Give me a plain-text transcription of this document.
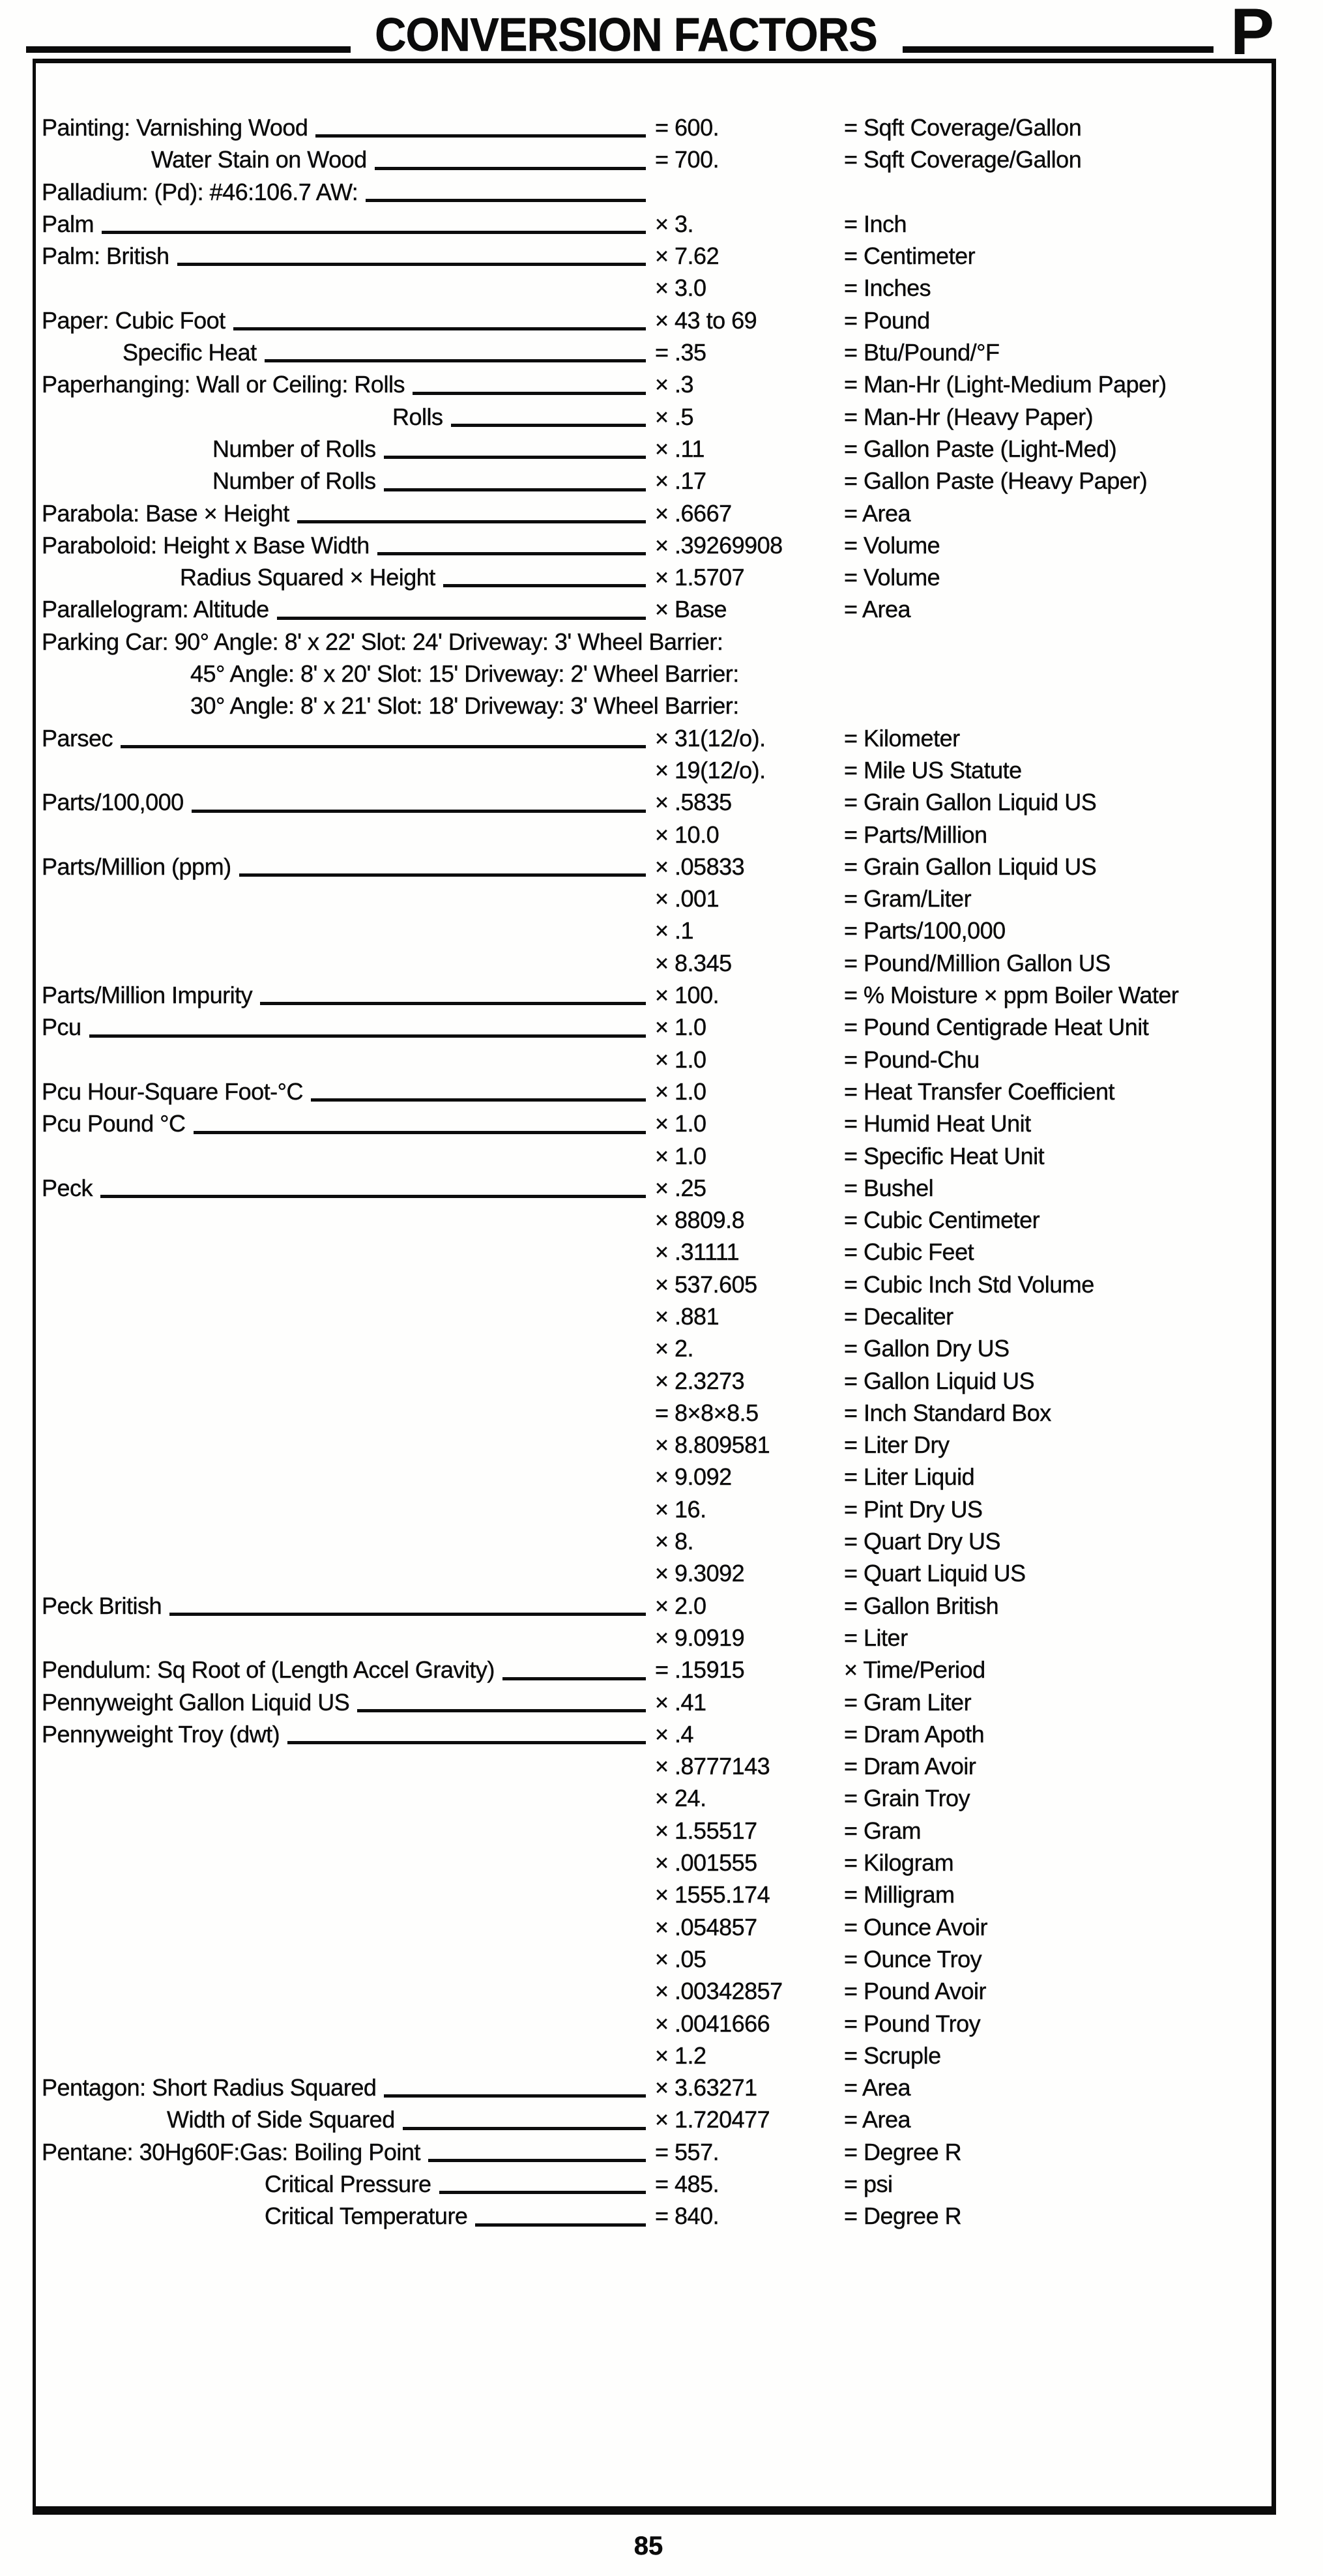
CONVERSION FACTORS	P
Painting: Varnishing Wood	= 600.	= Sqft Coverage/Gallon
Water Stain on Wood	= 700.	= Sqft Coverage/Gallon
Palladium: (Pd): #46:106.7 AW:
Palm	× 3.	= Inch
Palm: British	× 7.62	= Centimeter
× 3.0	= Inches
Paper: Cubic Foot	× 43 to 69	= Pound
Specific Heat	= .35	= Btu/Pound/°F
Paperhanging: Wall or Ceiling: Rolls	× .3	= Man-Hr (Light-Medium Paper)
Rolls	× .5	= Man-Hr (Heavy Paper)
Number of Rolls	× .11	= Gallon Paste (Light-Med)
Number of Rolls	× .17	= Gallon Paste (Heavy Paper)
Parabola: Base × Height	× .6667	= Area
Paraboloid: Height x Base Width	× .39269908	= Volume
Radius Squared × Height	× 1.5707	= Volume
Parallelogram: Altitude	× Base	= Area
Parking Car: 90° Angle: 8' x 22' Slot: 24' Driveway: 3' Wheel Barrier:
45° Angle: 8' x 20' Slot: 15' Driveway: 2' Wheel Barrier:
30° Angle: 8' x 21' Slot: 18' Driveway: 3' Wheel Barrier:
Parsec	× 31(12/o).	= Kilometer
× 19(12/o).	= Mile US Statute
Parts/100,000	× .5835	= Grain Gallon Liquid US
× 10.0	= Parts/Million
Parts/Million (ppm)	× .05833	= Grain Gallon Liquid US
× .001	= Gram/Liter
× .1	= Parts/100,000
× 8.345	= Pound/Million Gallon US
Parts/Million Impurity	× 100.	= % Moisture × ppm Boiler Water
Pcu	× 1.0	= Pound Centigrade Heat Unit
× 1.0	= Pound-Chu
Pcu Hour-Square Foot-°C	× 1.0	= Heat Transfer Coefficient
Pcu Pound °C	× 1.0	= Humid Heat Unit
× 1.0	= Specific Heat Unit
Peck	× .25	= Bushel
× 8809.8	= Cubic Centimeter
× .31111	= Cubic Feet
× 537.605	= Cubic Inch Std Volume
× .881	= Decaliter
× 2.	= Gallon Dry US
× 2.3273	= Gallon Liquid US
= 8×8×8.5	= Inch Standard Box
× 8.809581	= Liter Dry
× 9.092	= Liter Liquid
× 16.	= Pint Dry US
× 8.	= Quart Dry US
× 9.3092	= Quart Liquid US
Peck British	× 2.0	= Gallon British
× 9.0919	= Liter
Pendulum: Sq Root of (Length Accel Gravity)	= .15915	× Time/Period
Pennyweight Gallon Liquid US	× .41	= Gram Liter
Pennyweight Troy (dwt)	× .4	= Dram Apoth
× .8777143	= Dram Avoir
× 24.	= Grain Troy
× 1.55517	= Gram
× .001555	= Kilogram
× 1555.174	= Milligram
× .054857	= Ounce Avoir
× .05	= Ounce Troy
× .00342857	= Pound Avoir
× .0041666	= Pound Troy
× 1.2	= Scruple
Pentagon: Short Radius Squared	× 3.63271	= Area
Width of Side Squared	× 1.720477	= Area
Pentane: 30Hg60F:Gas: Boiling Point	= 557.	= Degree R
Critical Pressure	= 485.	= psi
Critical Temperature	= 840.	= Degree R
85
